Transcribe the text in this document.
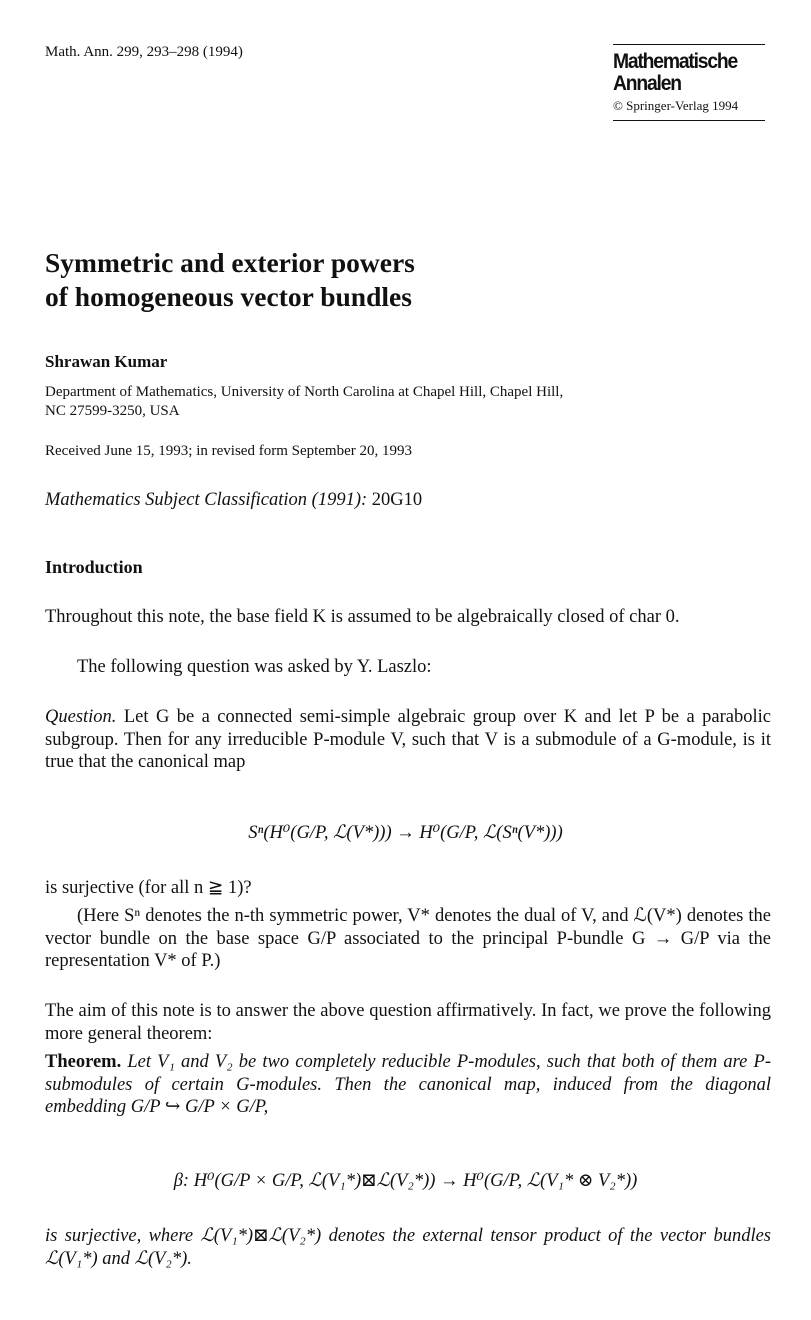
Math. Ann. 299, 293–298 (1994)	Mathematische
Annalen
© Springer-Verlag 1994
Symmetric and exterior powers
of homogeneous vector bundles
Shrawan Kumar
Department of Mathematics, University of North Carolina at Chapel Hill, Chapel Hill,
NC 27599-3250, USA
Received June 15, 1993; in revised form September 20, 1993
Mathematics Subject Classification (1991): 20G10
Introduction
Throughout this note, the base field K is assumed to be algebraically closed of char 0.
The following question was asked by Y. Laszlo:
Question. Let G be a connected semi-simple algebraic group over K and let P be a parabolic subgroup. Then for any irreducible P-module V, such that V is a submodule of a G-module, is it true that the canonical map
Sⁿ(H⁰(G/P, ℒ(V*))) → H⁰(G/P, ℒ(Sⁿ(V*)))
is surjective (for all n ≧ 1)?
(Here Sⁿ denotes the n-th symmetric power, V* denotes the dual of V, and ℒ(V*) denotes the vector bundle on the base space G/P associated to the principal P-bundle G → G/P via the representation V* of P.)
The aim of this note is to answer the above question affirmatively. In fact, we prove the following more general theorem:
Theorem. Let V₁ and V₂ be two completely reducible P-modules, such that both of them are P-submodules of certain G-modules. Then the canonical map, induced from the diagonal embedding G/P ↪ G/P × G/P,
β: H⁰(G/P × G/P, ℒ(V₁*)⊠ℒ(V₂*)) → H⁰(G/P, ℒ(V₁* ⊗ V₂*))
is surjective, where ℒ(V₁*)⊠ℒ(V₂*) denotes the external tensor product of the vector bundles ℒ(V₁*) and ℒ(V₂*).
